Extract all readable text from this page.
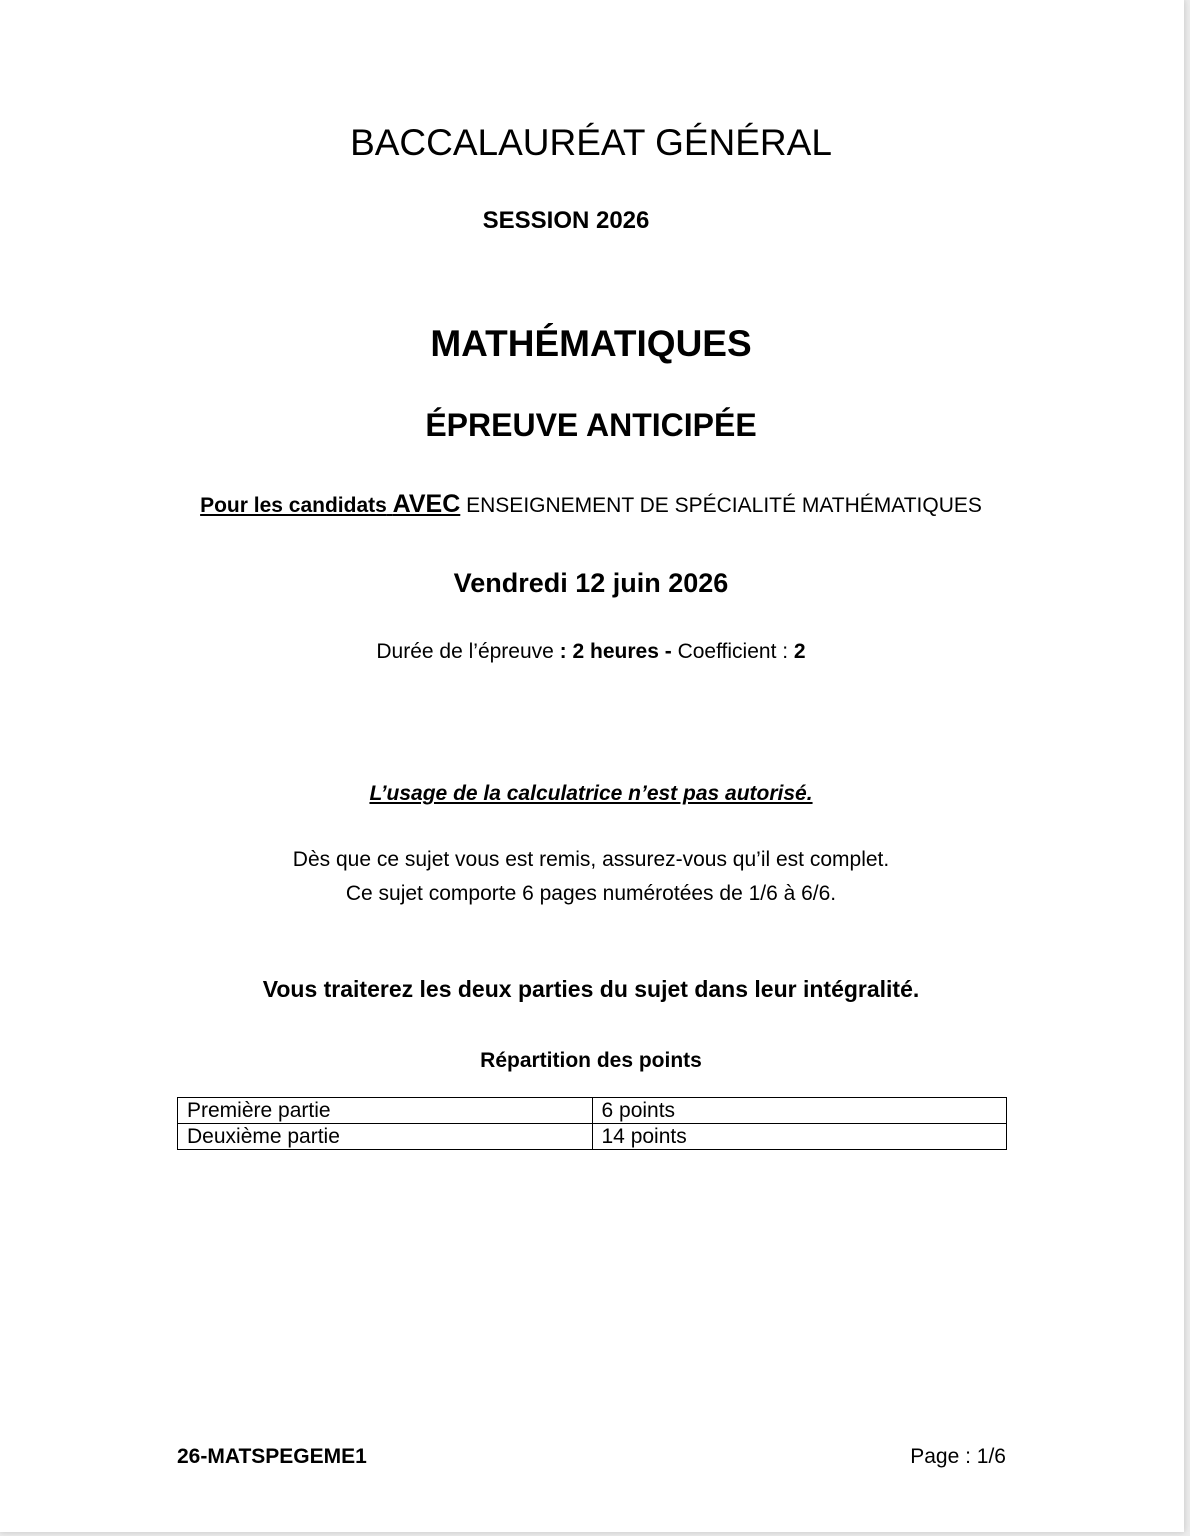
BACCALAURÉAT GÉNÉRAL
SESSION 2026
MATHÉMATIQUES
ÉPREUVE ANTICIPÉE
Pour les candidats AVEC ENSEIGNEMENT DE SPÉCIALITÉ MATHÉMATIQUES
Vendredi 12 juin 2026
Durée de l’épreuve : 2 heures - Coefficient : 2
L’usage de la calculatrice n’est pas autorisé.
Dès que ce sujet vous est remis, assurez-vous qu’il est complet.
Ce sujet comporte 6 pages numérotées de 1/6 à 6/6.
Vous traiterez les deux parties du sujet dans leur intégralité.
Répartition des points
Première partie	6 points
Deuxième partie	14 points
26-MATSPEGEME1	Page : 1/6
